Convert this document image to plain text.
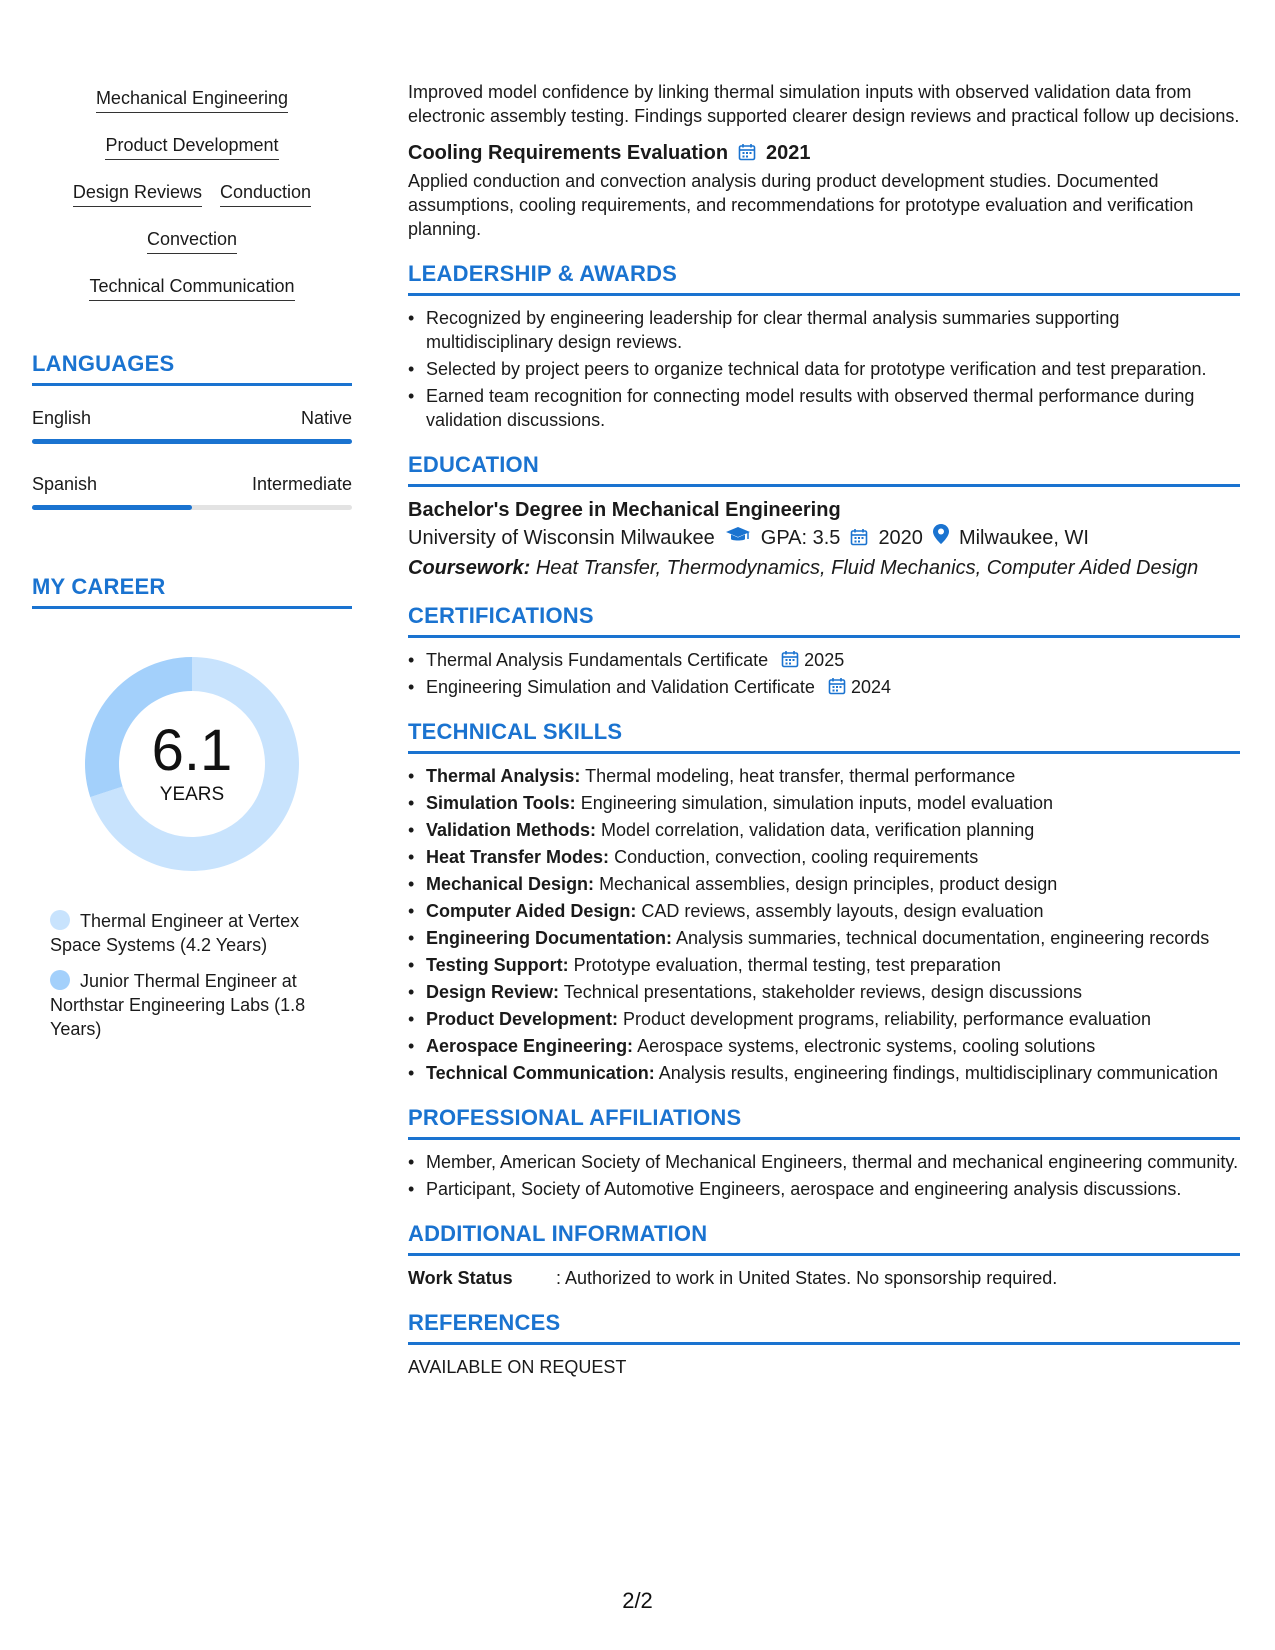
Mechanical Engineering
Product Development
Design Reviews Conduction
Convection
Technical Communication
LANGUAGES
English	Native
Spanish	Intermediate
MY CAREER
6.1
YEARS
Thermal Engineer at Vertex Space Systems (4.2 Years)
Junior Thermal Engineer at Northstar Engineering Labs (1.8 Years)

Improved model confidence by linking thermal simulation inputs with observed validation data from electronic assembly testing. Findings supported clearer design reviews and practical follow up decisions.

Cooling Requirements Evaluation 2021

Applied conduction and convection analysis during product development studies. Documented assumptions, cooling requirements, and recommendations for prototype evaluation and verification planning.

LEADERSHIP & AWARDS
• Recognized by engineering leadership for clear thermal analysis summaries supporting multidisciplinary design reviews.
• Selected by project peers to organize technical data for prototype verification and test preparation.
• Earned team recognition for connecting model results with observed thermal performance during validation discussions.
EDUCATION
Bachelor's Degree in Mechanical Engineering
University of Wisconsin Milwaukee GPA: 3.5 2020 Milwaukee, WI
Coursework: Heat Transfer, Thermodynamics, Fluid Mechanics, Computer Aided Design
CERTIFICATIONS
• Thermal Analysis Fundamentals Certificate 2025
• Engineering Simulation and Validation Certificate 2024
TECHNICAL SKILLS
• Thermal Analysis: Thermal modeling, heat transfer, thermal performance
• Simulation Tools: Engineering simulation, simulation inputs, model evaluation
• Validation Methods: Model correlation, validation data, verification planning
• Heat Transfer Modes: Conduction, convection, cooling requirements
• Mechanical Design: Mechanical assemblies, design principles, product design
• Computer Aided Design: CAD reviews, assembly layouts, design evaluation
• Engineering Documentation: Analysis summaries, technical documentation, engineering records
• Testing Support: Prototype evaluation, thermal testing, test preparation
• Design Review: Technical presentations, stakeholder reviews, design discussions
• Product Development: Product development programs, reliability, performance evaluation
• Aerospace Engineering: Aerospace systems, electronic systems, cooling solutions
• Technical Communication: Analysis results, engineering findings, multidisciplinary communication
PROFESSIONAL AFFILIATIONS
• Member, American Society of Mechanical Engineers, thermal and mechanical engineering community.
• Participant, Society of Automotive Engineers, aerospace and engineering analysis discussions.
ADDITIONAL INFORMATION
Work Status	: Authorized to work in United States. No sponsorship required.
REFERENCES

AVAILABLE ON REQUEST

2/2
